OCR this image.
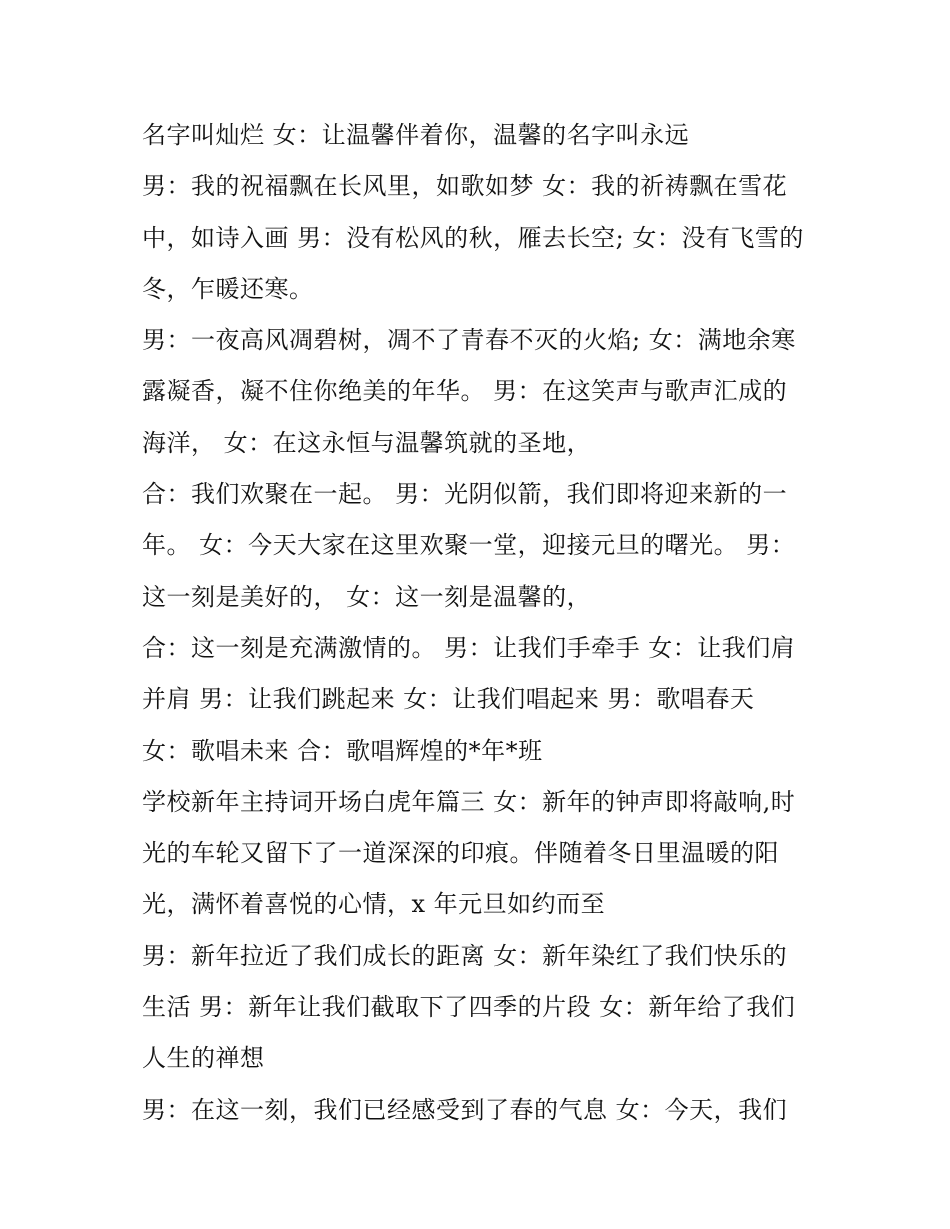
名字叫灿烂 女：让温馨伴着你，温馨的名字叫永远
男：我的祝福飘在长风里，如歌如梦 女：我的祈祷飘在雪花
中，如诗入画 男：没有松风的秋，雁去长空; 女：没有飞雪的
冬，乍暖还寒。
男：一夜高风凋碧树，凋不了青春不灭的火焰; 女：满地余寒
露凝香，凝不住你绝美的年华。 男：在这笑声与歌声汇成的
海洋， 女：在这永恒与温馨筑就的圣地，
合：我们欢聚在一起。 男：光阴似箭，我们即将迎来新的一
年。 女：今天大家在这里欢聚一堂，迎接元旦的曙光。 男：
这一刻是美好的， 女：这一刻是温馨的，
合：这一刻是充满激情的。 男：让我们手牵手 女：让我们肩
并肩 男：让我们跳起来 女：让我们唱起来 男：歌唱春天
女：歌唱未来 合：歌唱辉煌的*年*班
学校新年主持词开场白虎年篇三 女：新年的钟声即将敲响,时
光的车轮又留下了一道深深的印痕。伴随着冬日里温暖的阳
光，满怀着喜悦的心情，x 年元旦如约而至
男：新年拉近了我们成长的距离 女：新年染红了我们快乐的
生活 男：新年让我们截取下了四季的片段 女：新年给了我们
人生的禅想
男：在这一刻，我们已经感受到了春的气息 女：今天，我们
